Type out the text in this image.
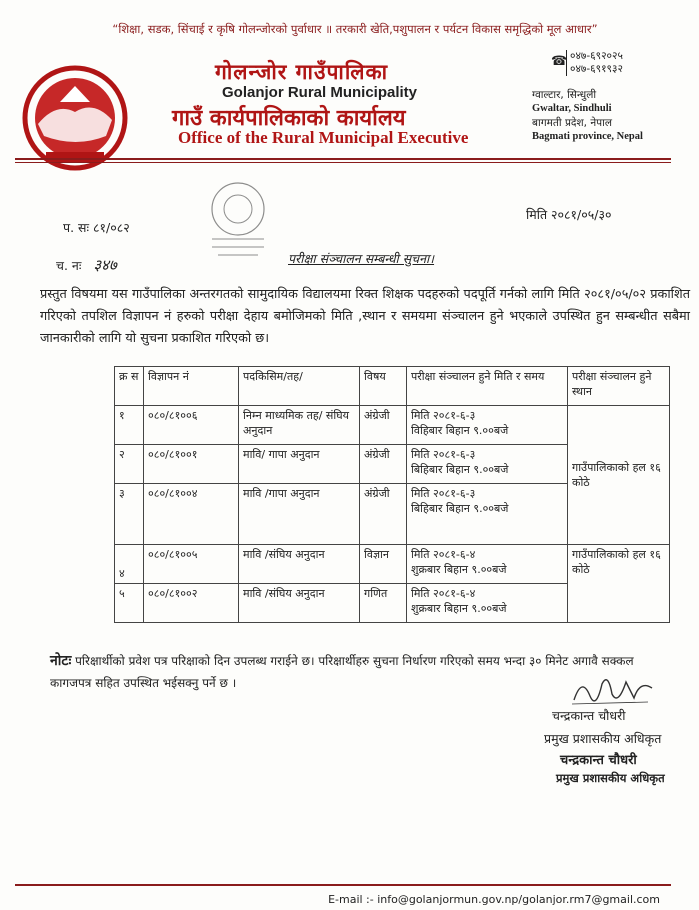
“शिक्षा, सडक, सिंचाई र कृषि गोलन्जोरको पुर्वाधार ॥ तरकारी खेति,पशुपालन र पर्यटन विकास समृद्धिको मूल आधार”
गोलन्जोर गाउँपालिका
Golanjor Rural Municipality
गाउँ कार्यपालिकाको कार्यालय
Office of the Rural Municipal Executive
☎ ०४७-६९२०२५
०४७-६९१९३२
ग्वाल्टार, सिन्धुली
Gwaltar, Sindhuli
बागमती प्रदेश, नेपाल
Bagmati province, Nepal
प. सः ८१/०८२
मिति २०८१/०५/३०
च. नः ३४७	परीक्षा संञ्चालन सम्बन्धी सुचना।
प्रस्तुत विषयमा यस गाउँपालिका अन्तरगतको सामुदायिक विद्यालयमा रिक्त शिक्षक पदहरुको पदपूर्ति गर्नको लागि मिति २०८१/०५/०२ प्रकाशित गरिएको तपशिल विज्ञापन नं हरुको परीक्षा देहाय बमोजिमको मिति ,स्थान र समयमा संञ्चालन हुने भएकाले उपस्थित हुन सम्बन्धीत सबैमा जानकारीको लागि यो सुचना प्रकाशित गरिएको छ।
क्र स	विज्ञापन नं	पदकिसिम/तह/	विषय	परीक्षा संञ्चालन हुने मिति र समय	परीक्षा संञ्चालन हुने स्थान
१	०८०/८१००६	निम्न माध्यमिक तह/ संघिय अनुदान	अंग्रेजी	मिति २०८१-६-३
विहिबार बिहान ९.००बजे	गाउँपालिकाको हल १६ कोठे
२	०८०/८१००१	मावि/ गापा अनुदान	अंग्रेजी	मिति २०८१-६-३
बिहिबार बिहान ९.००बजे	

३	०८०/८१००४	मावि /गापा अनुदान	अंग्रेजी	मिति २०८१-६-३
बिहिबार बिहान ९.००बजे	

४	०८०/८१००५	मावि /संघिय अनुदान	विज्ञान	मिति २०८१-६-४
शुक्रबार बिहान ९.००बजे	गाउँपालिकाको हल १६ कोठे
५	०८०/८१००२	मावि /संघिय अनुदान	गणित	मिति २०८१-६-४
शुक्रबार बिहान ९.००बजे	
नोटः परिक्षार्थीको प्रवेश पत्र परिक्षाको दिन उपलब्ध गराईने छ। परिक्षार्थीहरु सुचना निर्धारण गरिएको समय भन्दा ३० मिनेट अगावै सक्कल कागजपत्र सहित उपस्थित भईसक्नु पर्ने छ ।
चन्द्रकान्त चौधरी
प्रमुख प्रशासकीय अधिकृत
चन्द्रकान्त चौधरी
प्रमुख प्रशासकीय अधिकृत
E-mail :- info@golanjormun.gov.np/golanjor.rm7@gmail.com
